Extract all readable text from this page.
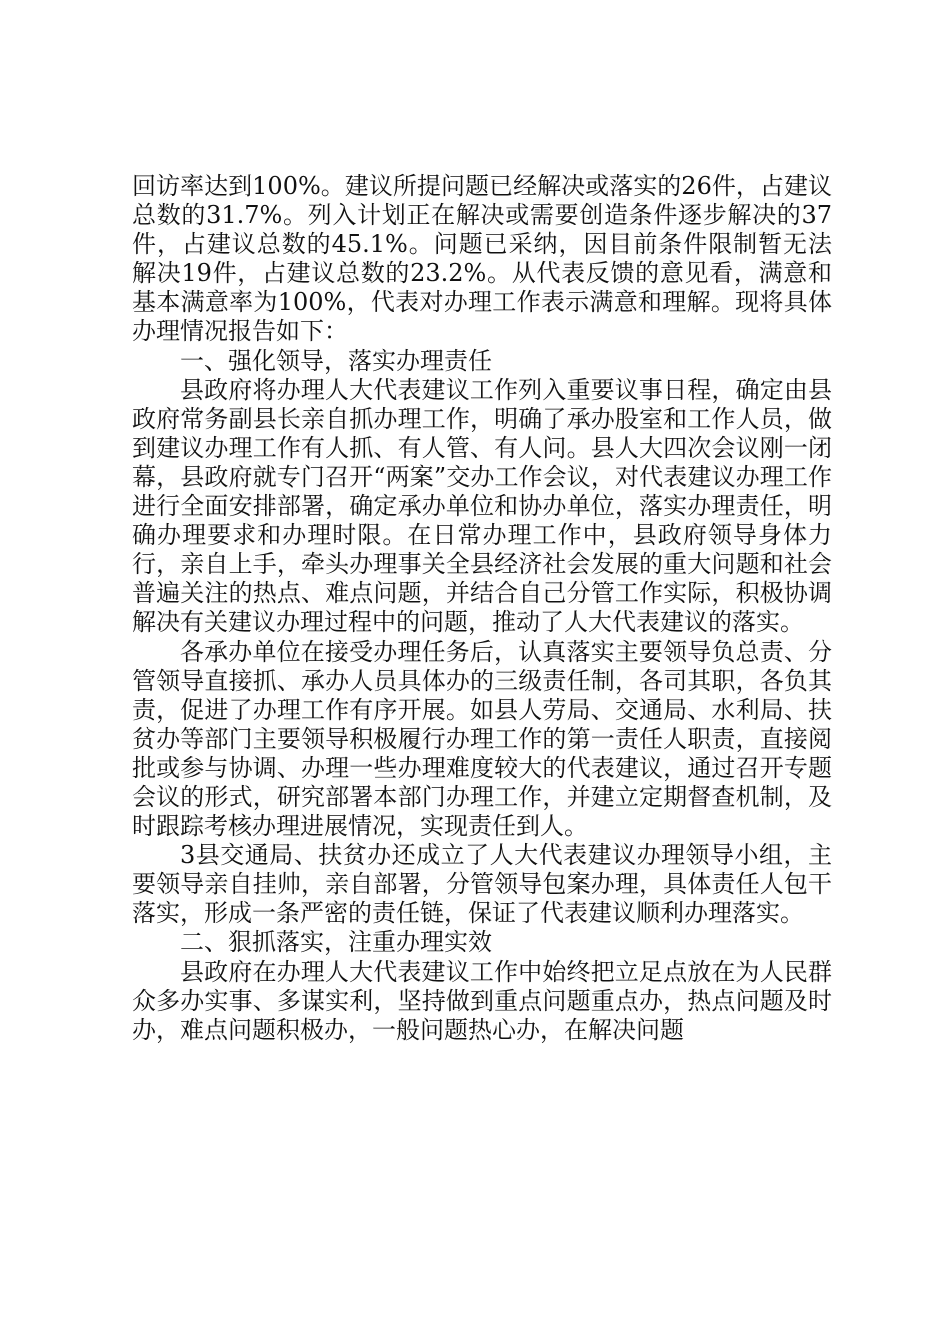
回访率达到100%。建议所提问题已经解决或落实的26件，占建议总数的31.7%。列入计划正在解决或需要创造条件逐步解决的37件，占建议总数的45.1%。问题已采纳，因目前条件限制暂无法解决19件，占建议总数的23.2%。从代表反馈的意见看，满意和基本满意率为100%，代表对办理工作表示满意和理解。现将具体办理情况报告如下：

一、强化领导，落实办理责任

县政府将办理人大代表建议工作列入重要议事日程，确定由县政府常务副县长亲自抓办理工作，明确了承办股室和工作人员，做到建议办理工作有人抓、有人管、有人问。县人大四次会议刚一闭幕，县政府就专门召开“两案”交办工作会议，对代表建议办理工作进行全面安排部署，确定承办单位和协办单位，落实办理责任，明确办理要求和办理时限。在日常办理工作中，县政府领导身体力行，亲自上手，牵头办理事关全县经济社会发展的重大问题和社会普遍关注的热点、难点问题，并结合自己分管工作实际，积极协调解决有关建议办理过程中的问题，推动了人大代表建议的落实。

各承办单位在接受办理任务后，认真落实主要领导负总责、分管领导直接抓、承办人员具体办的三级责任制，各司其职，各负其责，促进了办理工作有序开展。如县人劳局、交通局、水利局、扶贫办等部门主要领导积极履行办理工作的第一责任人职责，直接阅批或参与协调、办理一些办理难度较大的代表建议，通过召开专题会议的形式，研究部署本部门办理工作，并建立定期督查机制，及时跟踪考核办理进展情况，实现责任到人。

3县交通局、扶贫办还成立了人大代表建议办理领导小组，主要领导亲自挂帅，亲自部署，分管领导包案办理，具体责任人包干落实，形成一条严密的责任链，保证了代表建议顺利办理落实。

二、狠抓落实，注重办理实效

县政府在办理人大代表建议工作中始终把立足点放在为人民群众多办实事、多谋实利，坚持做到重点问题重点办，热点问题及时办，难点问题积极办，一般问题热心办，在解决问题
